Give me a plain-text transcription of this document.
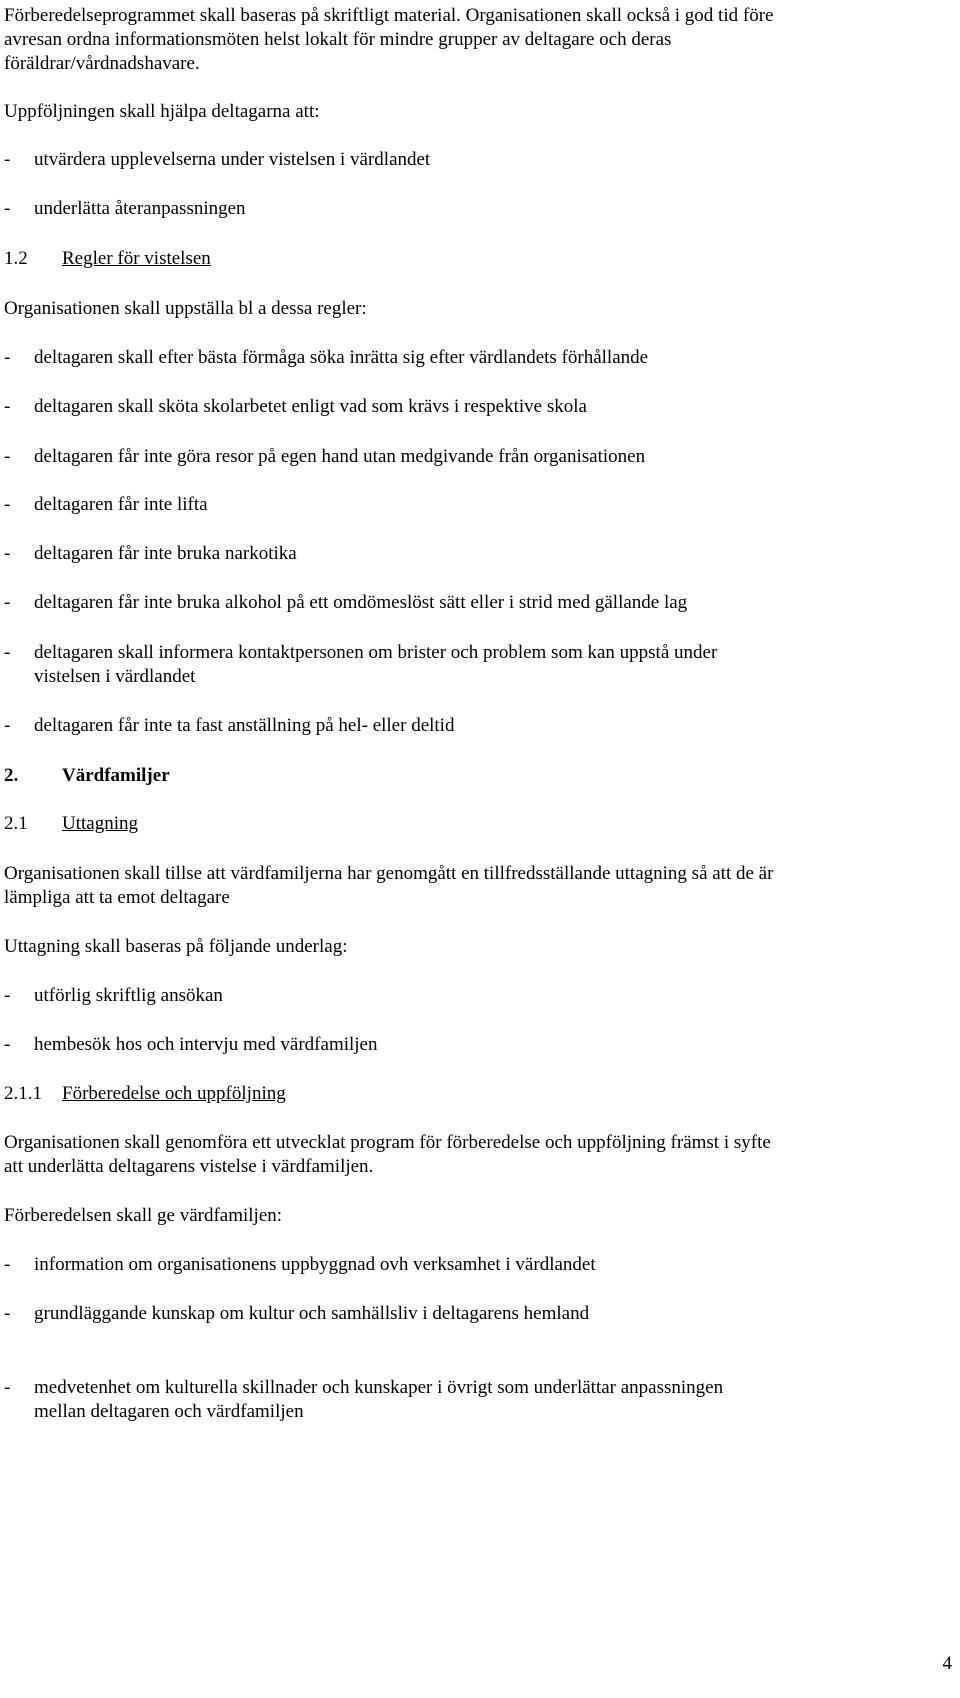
Förberedelseprogrammet skall baseras på skriftligt material. Organisationen skall också i god tid före

avresan ordna informationsmöten helst lokalt för mindre grupper av deltagare och deras

föräldrar/vårdnadshavare.

Uppföljningen skall hjälpa deltagarna att:

- utvärdera upplevelserna under vistelsen i värdlandet
- underlätta återanpassningen
1.2 Regler för vistelsen

Organisationen skall uppställa bl a dessa regler:

- deltagaren skall efter bästa förmåga söka inrätta sig efter värdlandets förhållande
- deltagaren skall sköta skolarbetet enligt vad som krävs i respektive skola
- deltagaren får inte göra resor på egen hand utan medgivande från organisationen
- deltagaren får inte lifta
- deltagaren får inte bruka narkotika
- deltagaren får inte bruka alkohol på ett omdömeslöst sätt eller i strid med gällande lag
- deltagaren skall informera kontaktpersonen om brister och problem som kan uppstå under
vistelsen i värdlandet
- deltagaren får inte ta fast anställning på hel- eller deltid
2. Värdfamiljer
2.1 Uttagning

Organisationen skall tillse att värdfamiljerna har genomgått en tillfredsställande uttagning så att de är

lämpliga att ta emot deltagare

Uttagning skall baseras på följande underlag:

- utförlig skriftlig ansökan
- hembesök hos och intervju med värdfamiljen
2.1.1 Förberedelse och uppföljning

Organisationen skall genomföra ett utvecklat program för förberedelse och uppföljning främst i syfte

att underlätta deltagarens vistelse i värdfamiljen.

Förberedelsen skall ge värdfamiljen:

- information om organisationens uppbyggnad ovh verksamhet i värdlandet
- grundläggande kunskap om kultur och samhällsliv i deltagarens hemland
- medvetenhet om kulturella skillnader och kunskaper i övrigt som underlättar anpassningen
mellan deltagaren och värdfamiljen
4
